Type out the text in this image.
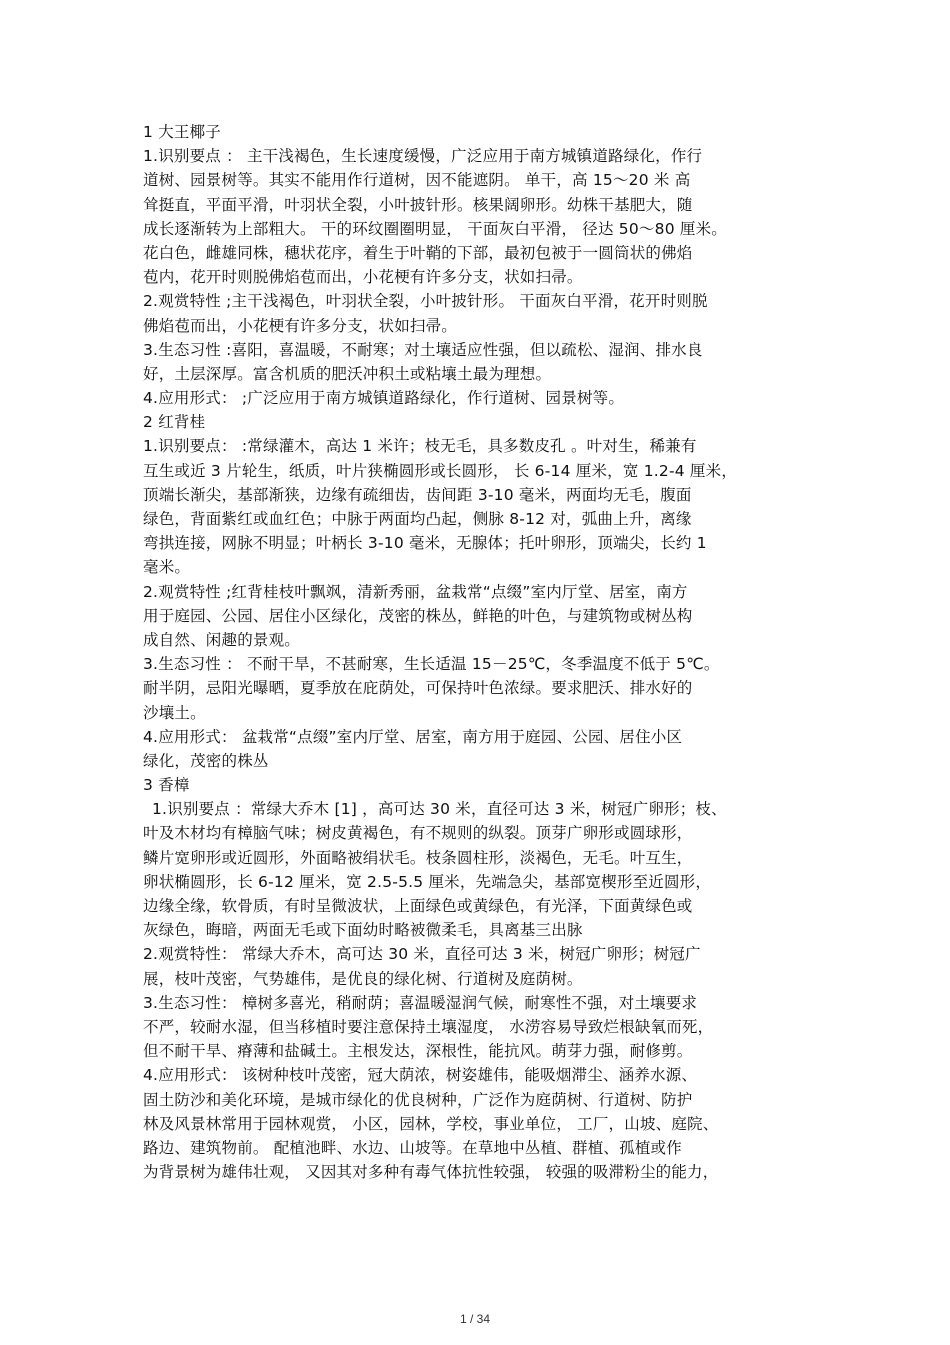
1 大王椰子
1.识别要点 ： 主干浅褐色，生长速度缓慢，广泛应用于南方城镇道路绿化，作行
道树、园景树等。其实不能用作行道树，因不能遮阴。 单干，高 15～20 米 高
耸挺直，平面平滑，叶羽状全裂，小叶披针形。核果阔卵形。幼株干基肥大，随
成长逐渐转为上部粗大。 干的环纹圈圈明显， 干面灰白平滑， 径达 50～80 厘米。
花白色，雌雄同株，穗状花序，着生于叶鞘的下部，最初包被于一圆筒状的佛焰
苞内，花开时则脱佛焰苞而出，小花梗有许多分支，状如扫帚。
2.观赏特性 ;主干浅褐色，叶羽状全裂，小叶披针形。 干面灰白平滑，花开时则脱
佛焰苞而出，小花梗有许多分支，状如扫帚。
3.生态习性 :喜阳，喜温暖，不耐寒；对土壤适应性强，但以疏松、湿润、排水良
好，土层深厚。富含机质的肥沃冲积土或粘壤土最为理想。
4.应用形式： ;广泛应用于南方城镇道路绿化，作行道树、园景树等。
2 红背桂
1.识别要点： :常绿灌木，高达 1 米许；枝无毛，具多数皮孔 。叶对生，稀兼有
互生或近 3 片轮生，纸质，叶片狭椭圆形或长圆形， 长 6-14 厘米，宽 1.2-4 厘米，
顶端长渐尖，基部渐狭，边缘有疏细齿，齿间距 3-10 毫米，两面均无毛，腹面
绿色，背面紫红或血红色；中脉于两面均凸起，侧脉 8-12 对，弧曲上升，离缘
弯拱连接，网脉不明显；叶柄长 3-10 毫米，无腺体；托叶卵形，顶端尖，长约 1
毫米。
2.观赏特性 ;红背桂枝叶飘飒，清新秀丽，盆栽常“点缀”室内厅堂、居室，南方
用于庭园、公园、居住小区绿化，茂密的株丛，鲜艳的叶色，与建筑物或树丛构
成自然、闲趣的景观。
3.生态习性 ： 不耐干旱，不甚耐寒，生长适温 15－25℃，冬季温度不低于 5℃。
耐半阴，忌阳光曝晒，夏季放在庇荫处，可保持叶色浓绿。要求肥沃、排水好的
沙壤土。
4.应用形式： 盆栽常“点缀”室内厅堂、居室，南方用于庭园、公园、居住小区
绿化，茂密的株丛
3 香樟
1.识别要点 ：常绿大乔木 [1] ，高可达 30 米，直径可达 3 米，树冠广卵形；枝、
叶及木材均有樟脑气味；树皮黄褐色，有不规则的纵裂。顶芽广卵形或圆球形，
鳞片宽卵形或近圆形，外面略被绢状毛。枝条圆柱形，淡褐色，无毛。叶互生，
卵状椭圆形，长 6-12 厘米，宽 2.5-5.5 厘米，先端急尖，基部宽楔形至近圆形，
边缘全缘，软骨质，有时呈微波状，上面绿色或黄绿色，有光泽，下面黄绿色或
灰绿色，晦暗，两面无毛或下面幼时略被微柔毛，具离基三出脉
2.观赏特性： 常绿大乔木，高可达 30 米，直径可达 3 米，树冠广卵形；树冠广
展，枝叶茂密，气势雄伟，是优良的绿化树、行道树及庭荫树。
3.生态习性： 樟树多喜光，稍耐荫；喜温暖湿润气候，耐寒性不强，对土壤要求
不严，较耐水湿，但当移植时要注意保持土壤湿度， 水涝容易导致烂根缺氧而死，
但不耐干旱、瘠薄和盐碱土。主根发达，深根性，能抗风。萌芽力强，耐修剪。
4.应用形式： 该树种枝叶茂密，冠大荫浓，树姿雄伟，能吸烟滞尘、涵养水源、
固土防沙和美化环境，是城市绿化的优良树种，广泛作为庭荫树、行道树、防护
林及风景林常用于园林观赏， 小区，园林，学校，事业单位， 工厂，山坡、庭院、
路边、建筑物前。 配植池畔、水边、山坡等。在草地中丛植、群植、孤植或作
为背景树为雄伟壮观， 又因其对多种有毒气体抗性较强， 较强的吸滞粉尘的能力，
1 / 34
